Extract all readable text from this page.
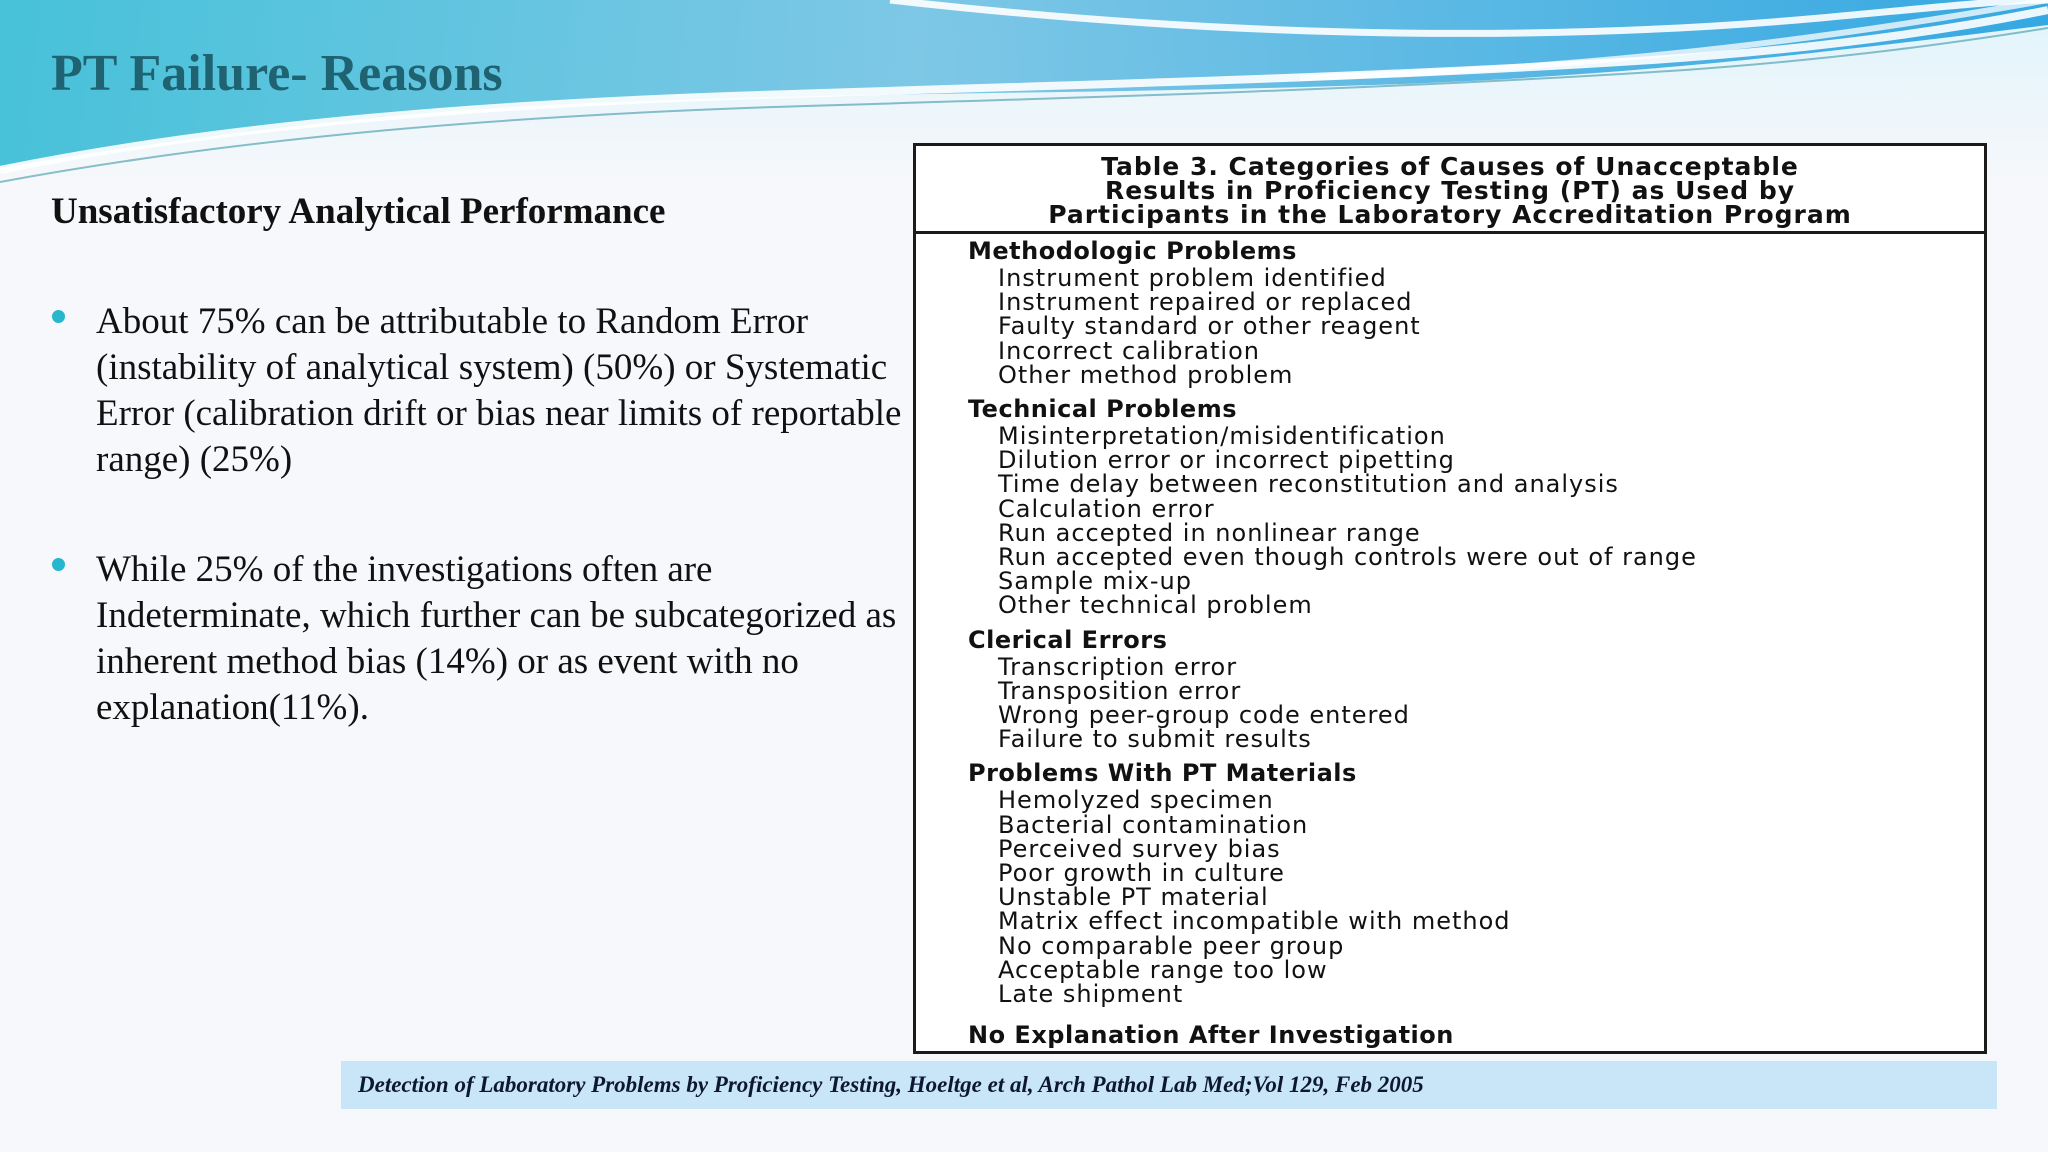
PT Failure- Reasons
Unsatisfactory Analytical Performance
About 75% can be attributable to Random Error (instability of analytical system) (50%) or Systematic Error (calibration drift or bias near limits of reportable range) (25%)
While 25% of the investigations often are Indeterminate, which further can be subcategorized as inherent method bias (14%) or as event with no explanation(11%).
Table 3. Categories of Causes of Unacceptable
Results in Proficiency Testing (PT) as Used by
Participants in the Laboratory Accreditation Program
Methodologic Problems
Instrument problem identified
Instrument repaired or replaced
Faulty standard or other reagent
Incorrect calibration
Other method problem
Technical Problems
Misinterpretation/misidentification
Dilution error or incorrect pipetting
Time delay between reconstitution and analysis
Calculation error
Run accepted in nonlinear range
Run accepted even though controls were out of range
Sample mix-up
Other technical problem
Clerical Errors
Transcription error
Transposition error
Wrong peer-group code entered
Failure to submit results
Problems With PT Materials
Hemolyzed specimen
Bacterial contamination
Perceived survey bias
Poor growth in culture
Unstable PT material
Matrix effect incompatible with method
No comparable peer group
Acceptable range too low
Late shipment
No Explanation After Investigation
Detection of Laboratory Problems by Proficiency Testing, Hoeltge et al, Arch Pathol Lab Med;Vol 129, Feb 2005
